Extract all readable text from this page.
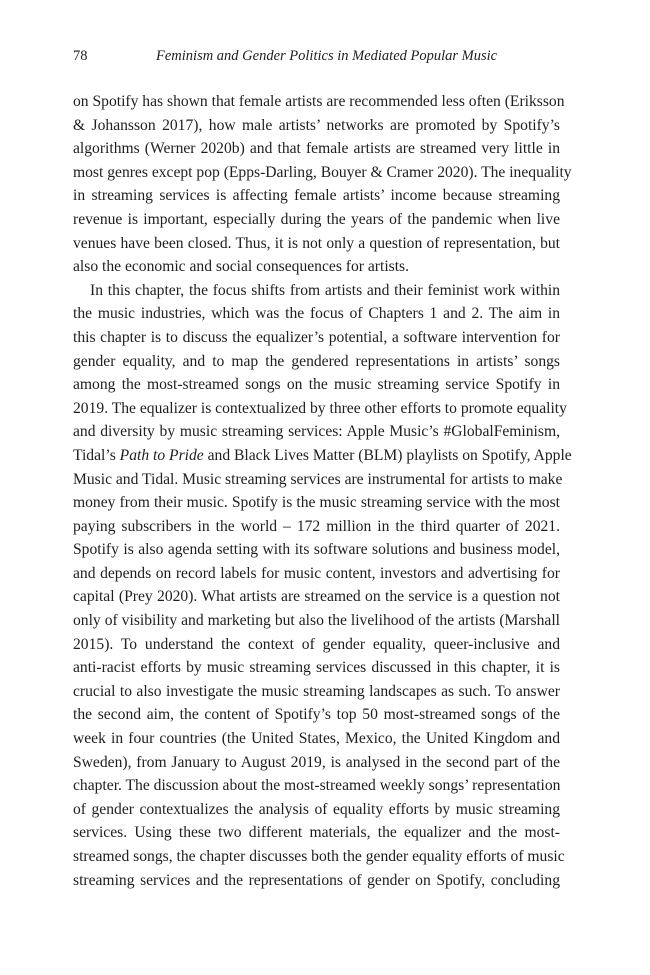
78	Feminism and Gender Politics in Mediated Popular Music

on Spotify has shown that female artists are recommended less often (Eriksson
& Johansson 2017), how male artists’ networks are promoted by Spotify’s
algorithms (Werner 2020b) and that female artists are streamed very little in
most genres except pop (Epps-Darling, Bouyer & Cramer 2020). The inequality
in streaming services is affecting female artists’ income because streaming
revenue is important, especially during the years of the pandemic when live
venues have been closed. Thus, it is not only a question of representation, but
also the economic and social consequences for artists.

In this chapter, the focus shifts from artists and their feminist work within
the music industries, which was the focus of Chapters 1 and 2. The aim in
this chapter is to discuss the equalizer’s potential, a software intervention for
gender equality, and to map the gendered representations in artists’ songs
among the most-streamed songs on the music streaming service Spotify in
2019. The equalizer is contextualized by three other efforts to promote equality
and diversity by music streaming services: Apple Music’s #GlobalFeminism,
Tidal’s Path to Pride and Black Lives Matter (BLM) playlists on Spotify, Apple
Music and Tidal. Music streaming services are instrumental for artists to make
money from their music. Spotify is the music streaming service with the most
paying subscribers in the world – 172 million in the third quarter of 2021.
Spotify is also agenda setting with its software solutions and business model,
and depends on record labels for music content, investors and advertising for
capital (Prey 2020). What artists are streamed on the service is a question not
only of visibility and marketing but also the livelihood of the artists (Marshall
2015). To understand the context of gender equality, queer-inclusive and
anti-racist efforts by music streaming services discussed in this chapter, it is
crucial to also investigate the music streaming landscapes as such. To answer
the second aim, the content of Spotify’s top 50 most-streamed songs of the
week in four countries (the United States, Mexico, the United Kingdom and
Sweden), from January to August 2019, is analysed in the second part of the
chapter. The discussion about the most-streamed weekly songs’ representation
of gender contextualizes the analysis of equality efforts by music streaming
services. Using these two different materials, the equalizer and the most-
streamed songs, the chapter discusses both the gender equality efforts of music
streaming services and the representations of gender on Spotify, concluding
